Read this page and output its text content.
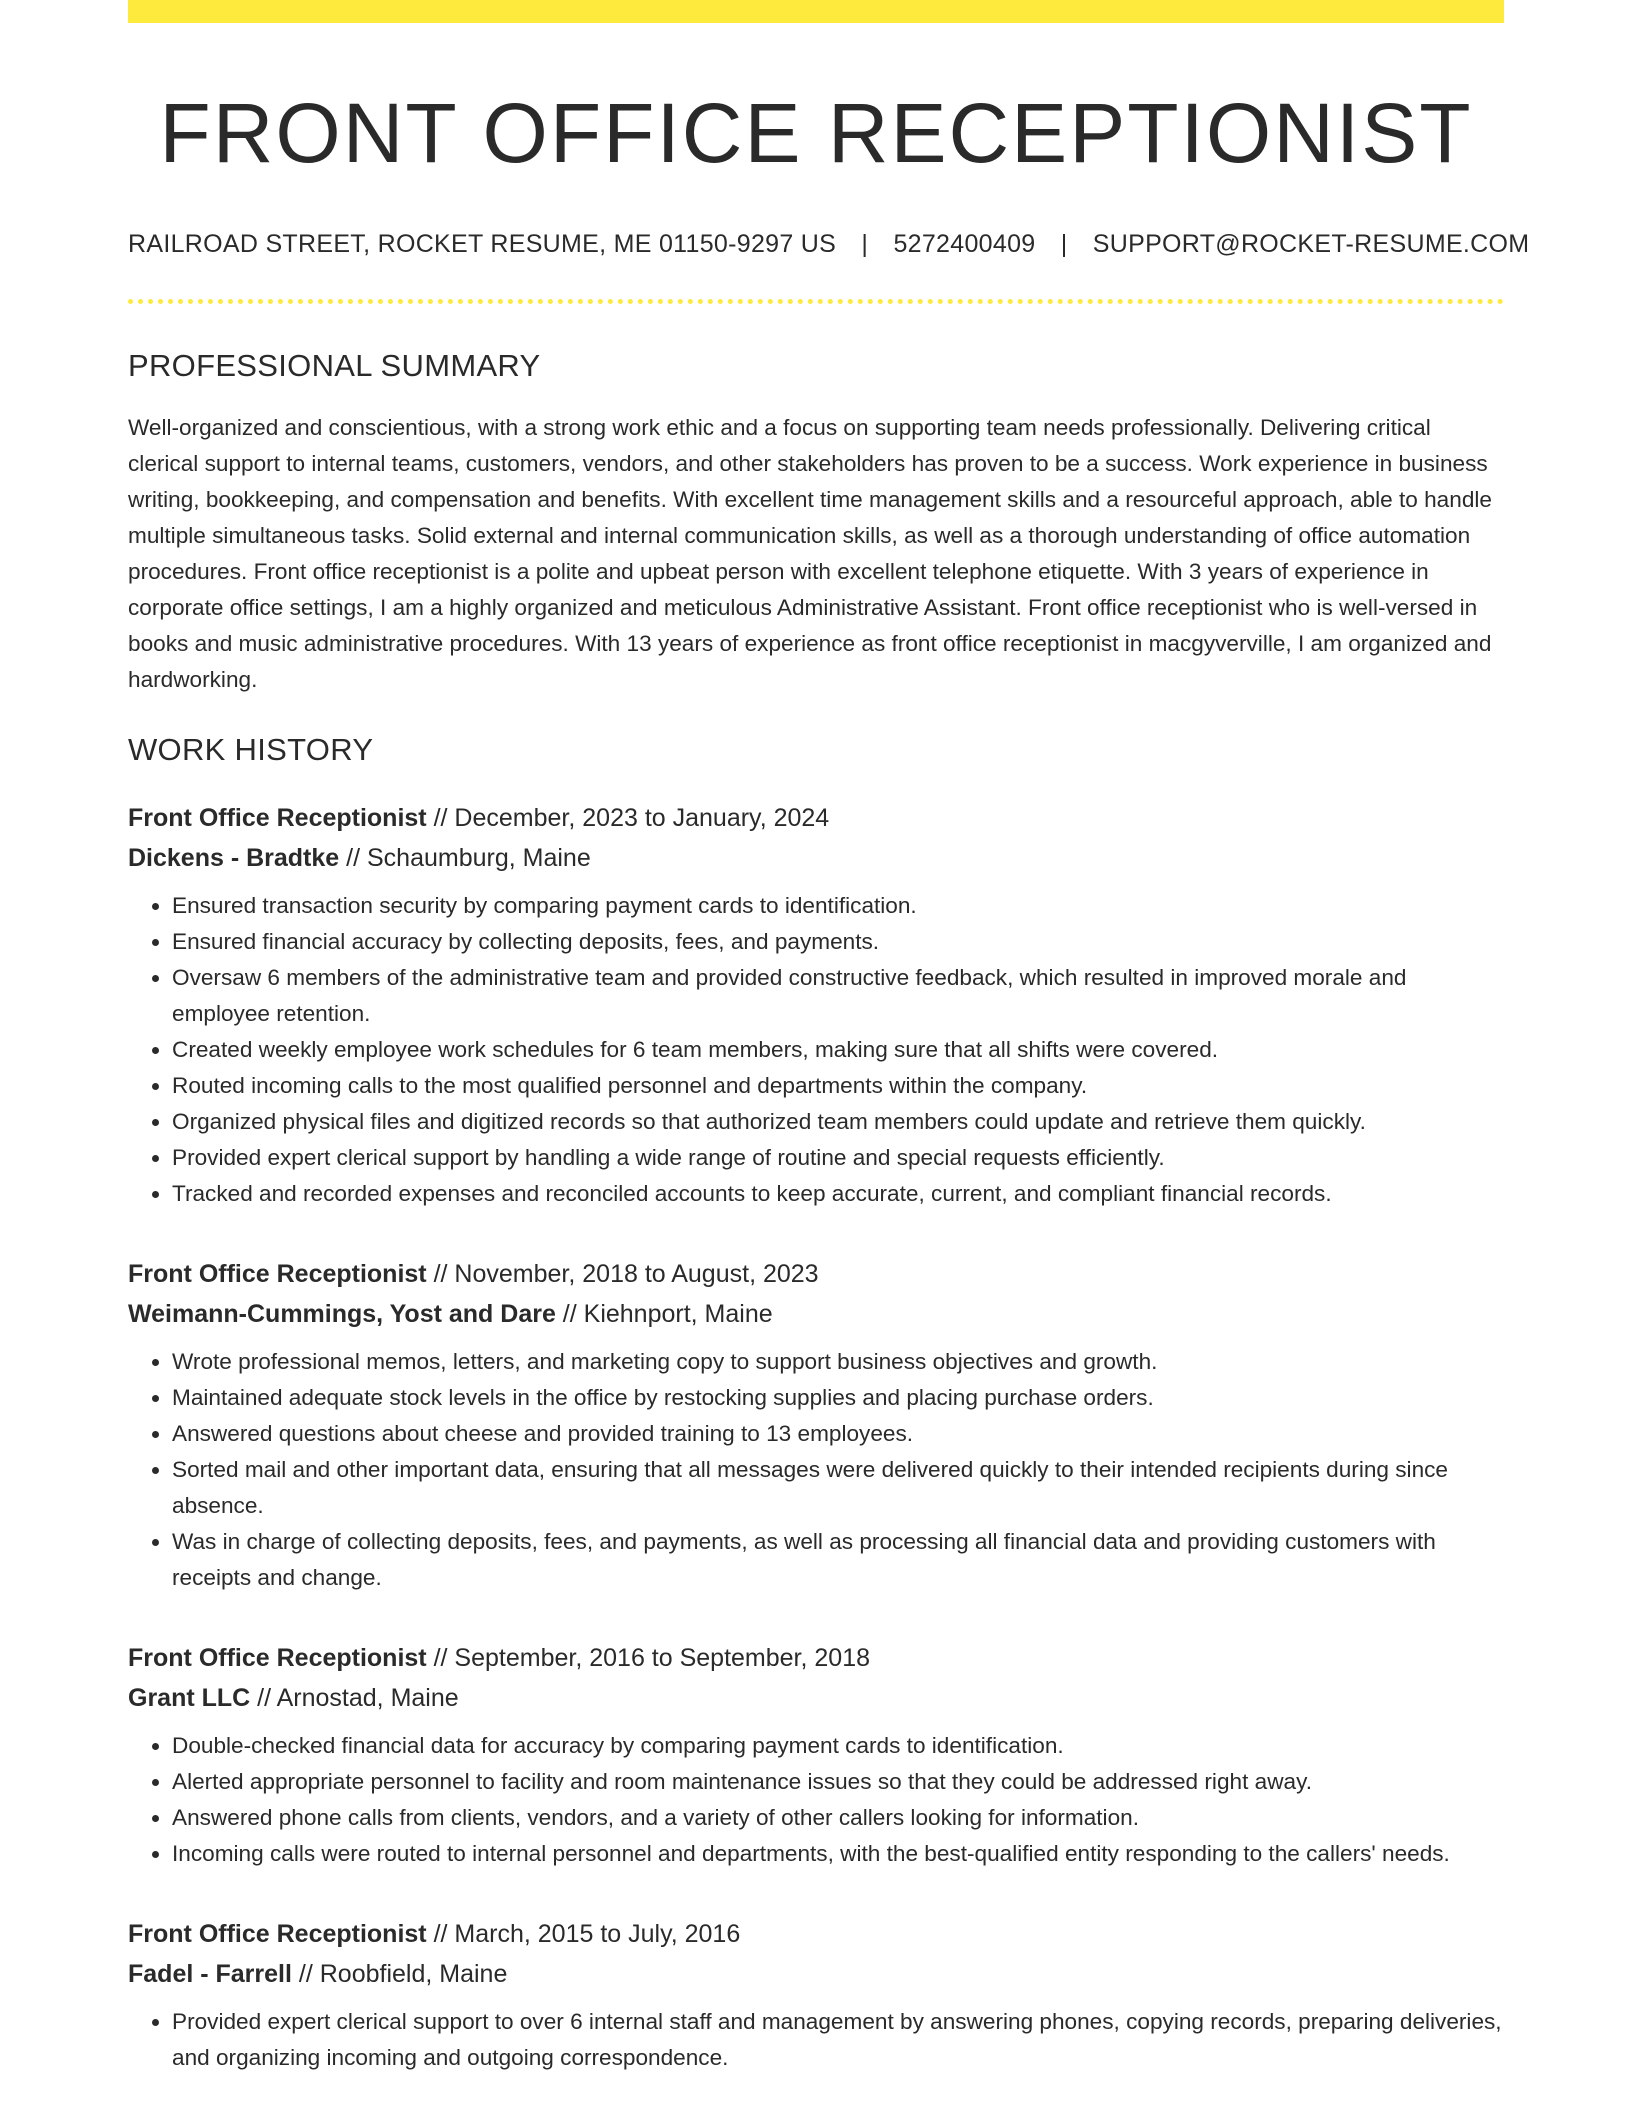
FRONT OFFICE RECEPTIONIST
RAILROAD STREET, ROCKET RESUME, ME 01150-9297 US | 5272400409 | SUPPORT@ROCKET-RESUME.COM
PROFESSIONAL SUMMARY

Well-organized and conscientious, with a strong work ethic and a focus on supporting team needs professionally. Delivering critical clerical support to internal teams, customers, vendors, and other stakeholders has proven to be a success. Work experience in business writing, bookkeeping, and compensation and benefits. With excellent time management skills and a resourceful approach, able to handle multiple simultaneous tasks. Solid external and internal communication skills, as well as a thorough understanding of office automation procedures. Front office receptionist is a polite and upbeat person with excellent telephone etiquette. With 3 years of experience in corporate office settings, I am a highly organized and meticulous Administrative Assistant. Front office receptionist who is well-versed in books and music administrative procedures. With 13 years of experience as front office receptionist in macgyverville, I am organized and hardworking.

WORK HISTORY
Front Office Receptionist // December, 2023 to January, 2024
Dickens - Bradtke // Schaumburg, Maine
• Ensured transaction security by comparing payment cards to identification.
• Ensured financial accuracy by collecting deposits, fees, and payments.
• Oversaw 6 members of the administrative team and provided constructive feedback, which resulted in improved morale and employee retention.
• Created weekly employee work schedules for 6 team members, making sure that all shifts were covered.
• Routed incoming calls to the most qualified personnel and departments within the company.
• Organized physical files and digitized records so that authorized team members could update and retrieve them quickly.
• Provided expert clerical support by handling a wide range of routine and special requests efficiently.
• Tracked and recorded expenses and reconciled accounts to keep accurate, current, and compliant financial records.
Front Office Receptionist // November, 2018 to August, 2023
Weimann-Cummings, Yost and Dare // Kiehnport, Maine
• Wrote professional memos, letters, and marketing copy to support business objectives and growth.
• Maintained adequate stock levels in the office by restocking supplies and placing purchase orders.
• Answered questions about cheese and provided training to 13 employees.
• Sorted mail and other important data, ensuring that all messages were delivered quickly to their intended recipients during since absence.
• Was in charge of collecting deposits, fees, and payments, as well as processing all financial data and providing customers with receipts and change.
Front Office Receptionist // September, 2016 to September, 2018
Grant LLC // Arnostad, Maine
• Double-checked financial data for accuracy by comparing payment cards to identification.
• Alerted appropriate personnel to facility and room maintenance issues so that they could be addressed right away.
• Answered phone calls from clients, vendors, and a variety of other callers looking for information.
• Incoming calls were routed to internal personnel and departments, with the best-qualified entity responding to the callers' needs.
Front Office Receptionist // March, 2015 to July, 2016
Fadel - Farrell // Roobfield, Maine
• Provided expert clerical support to over 6 internal staff and management by answering phones, copying records, preparing deliveries, and organizing incoming and outgoing correspondence.
